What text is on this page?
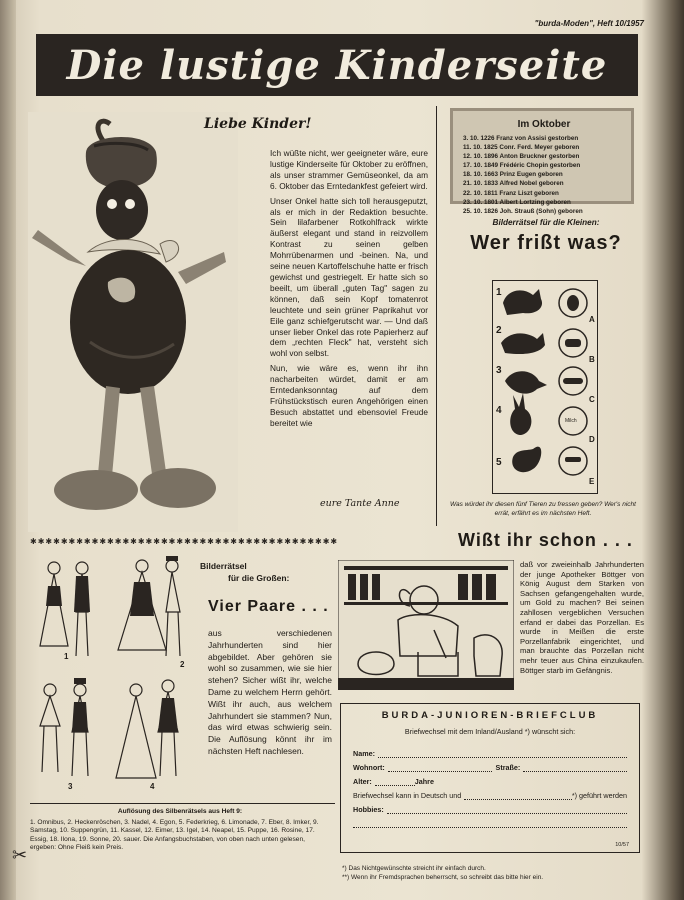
"burda-Moden", Heft 10/1957
Die lustige Kinderseite
Liebe Kinder!

Ich wüßte nicht, wer geeigneter wäre, eure lustige Kinderseite für Oktober zu eröffnen, als unser strammer Gemüseonkel, da am 6. Oktober das Erntedankfest gefeiert wird.

Unser Onkel hatte sich toll herausgeputzt, als er mich in der Redaktion besuchte. Sein lilafarbener Rotkohlfrack wirkte äußerst elegant und stand in reizvollem Kontrast zu seinen gelben Mohrrübenarmen und -beinen. Na, und seine neuen Kartoffelschuhe hatte er frisch gewichst und gestriegelt. Er hatte sich so beeilt, um überall „guten Tag" sagen zu können, daß sein Kopf tomatenrot leuchtete und sein grüner Paprikahut vor Eile ganz schiefgerutscht war. — Und daß unser lieber Onkel das rote Papierherz auf dem „rechten Fleck" hat, versteht sich wohl von selbst.

Nun, wie wäre es, wenn ihr ihn nacharbeiten würdet, damit er am Erntedanksonntag auf dem Frühstückstisch euren Angehörigen einen Besuch abstattet und ebensoviel Freude bereitet wie

eure Tante Anne
Im Oktober
3. 10. 1226 Franz von Assisi gestorben
11. 10. 1825 Conr. Ferd. Meyer geboren
12. 10. 1896 Anton Bruckner gestorben
17. 10. 1849 Frédéric Chopin gestorben
18. 10. 1663 Prinz Eugen geboren
21. 10. 1833 Alfred Nobel geboren
22. 10. 1811 Franz Liszt geboren
23. 10. 1801 Albert Lortzing geboren
25. 10. 1826 Joh. Strauß (Sohn) geboren
Bilderrätsel für die Kleinen:
Wer frißt was?
1
2
3
4
5
A
B
C
D
E
Milch
Was würdet ihr diesen fünf Tieren zu fressen geben? Wer's nicht errät, erfährt es im nächsten Heft.
✱✱✱✱✱✱✱✱✱✱✱✱✱✱✱✱✱✱✱✱✱✱✱✱✱✱✱✱✱✱✱✱✱✱✱✱✱✱✱✱
1
2
3	4
Bilderrätsel
für die Großen:
Vier Paare . . .
aus verschiedenen Jahrhunderten sind hier abgebildet. Aber gehören sie wohl so zusammen, wie sie hier stehen? Sicher wißt ihr, welche Dame zu welchem Herrn gehört. Wißt ihr auch, aus welchem Jahrhundert sie stammen? Nun, das wird etwas schwierig sein. Die Auflösung könnt ihr im nächsten Heft nachlesen.
Wißt ihr schon . . .
daß vor zweieinhalb Jahrhunderten der junge Apotheker Böttger von König August dem Starken von Sachsen gefangengehalten wurde, um Gold zu machen? Bei seinen zahllosen vergeblichen Versuchen erfand er dabei das Porzellan. Es wurde in Meißen die erste Porzellanfabrik eingerichtet, und man brauchte das Porzellan nicht mehr teuer aus China einzukaufen. Böttger starb im Gefängnis.
Auflösung des Silbenrätsels aus Heft 9:
1. Omnibus, 2. Heckenröschen, 3. Nadel, 4. Egon, 5. Federkrieg, 6. Limonade, 7. Eber, 8. Imker, 9. Samstag, 10. Suppengrün, 11. Kassel, 12. Eimer, 13. Igel, 14. Neapel, 15. Puppe, 16. Rosine, 17. Essig, 18. Ilona, 19. Sonne, 20. sauer. Die Anfangsbuchstaben, von oben nach unten gelesen, ergeben: Ohne Fleiß kein Preis.
✂
BURDA-JUNIOREN-BRIEFCLUB
Briefwechsel mit dem Inland/Ausland *) wünscht sich:
Name:
Wohnort:	Straße:
Alter:	Jahre
Briefwechsel kann in Deutsch und	*) geführt werden
Hobbies:
10/57
*) Das Nichtgewünschte streicht ihr einfach durch.
**) Wenn ihr Fremdsprachen beherrscht, so schreibt das bitte hier ein.
